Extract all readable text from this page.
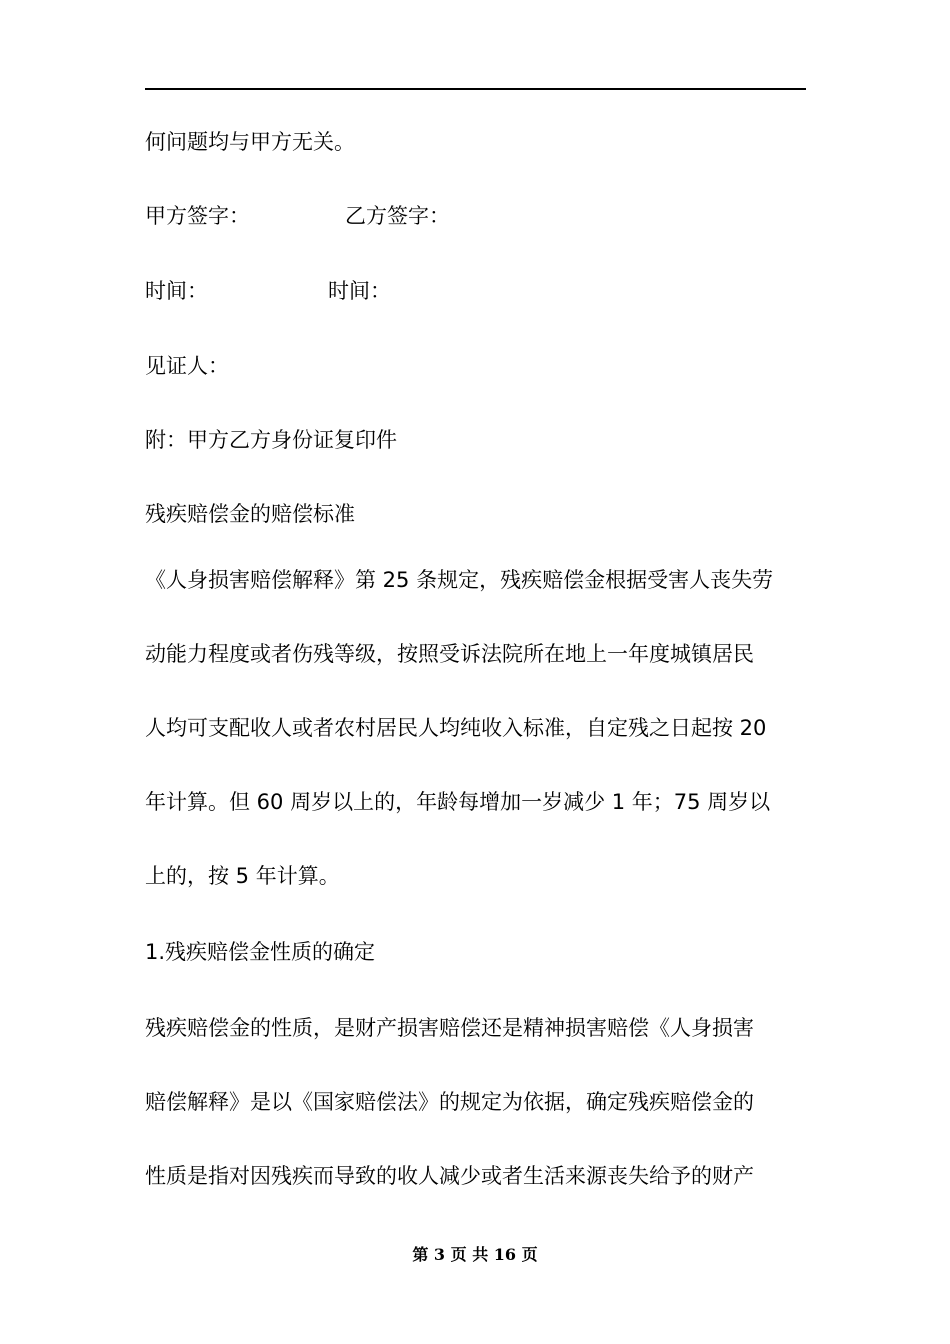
何问题均与甲方无关。
甲方签字：	乙方签字：
时间：	时间：
见证人：
附：甲方乙方身份证复印件
残疾赔偿金的赔偿标准
《人身损害赔偿解释》第 25 条规定，残疾赔偿金根据受害人丧失劳
动能力程度或者伤残等级，按照受诉法院所在地上一年度城镇居民
人均可支配收人或者农村居民人均纯收入标准，自定残之日起按 20
年计算。但 60 周岁以上的，年龄每增加一岁减少 1 年；75 周岁以
上的，按 5 年计算。
1.残疾赔偿金性质的确定
残疾赔偿金的性质，是财产损害赔偿还是精神损害赔偿《人身损害
赔偿解释》是以《国家赔偿法》的规定为依据，确定残疾赔偿金的
性质是指对因残疾而导致的收人减少或者生活来源丧失给予的财产
第 3 页 共 16 页
